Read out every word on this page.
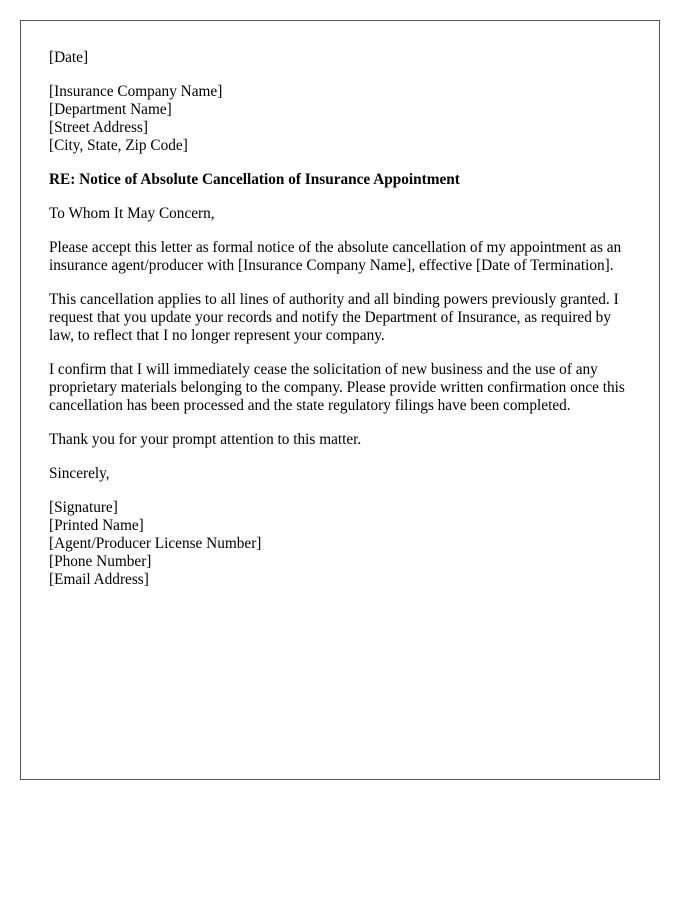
[Date]
[Insurance Company Name]
[Department Name]
[Street Address]
[City, State, Zip Code]

RE: Notice of Absolute Cancellation of Insurance Appointment

To Whom It May Concern,

Please accept this letter as formal notice of the absolute cancellation of my appointment as an insurance agent/producer with [Insurance Company Name], effective [Date of Termination].

This cancellation applies to all lines of authority and all binding powers previously granted. I request that you update your records and notify the Department of Insurance, as required by law, to reflect that I no longer represent your company.

I confirm that I will immediately cease the solicitation of new business and the use of any proprietary materials belonging to the company. Please provide written confirmation once this cancellation has been processed and the state regulatory filings have been completed.

Thank you for your prompt attention to this matter.

Sincerely,

[Signature]
[Printed Name]
[Agent/Producer License Number]
[Phone Number]
[Email Address]
